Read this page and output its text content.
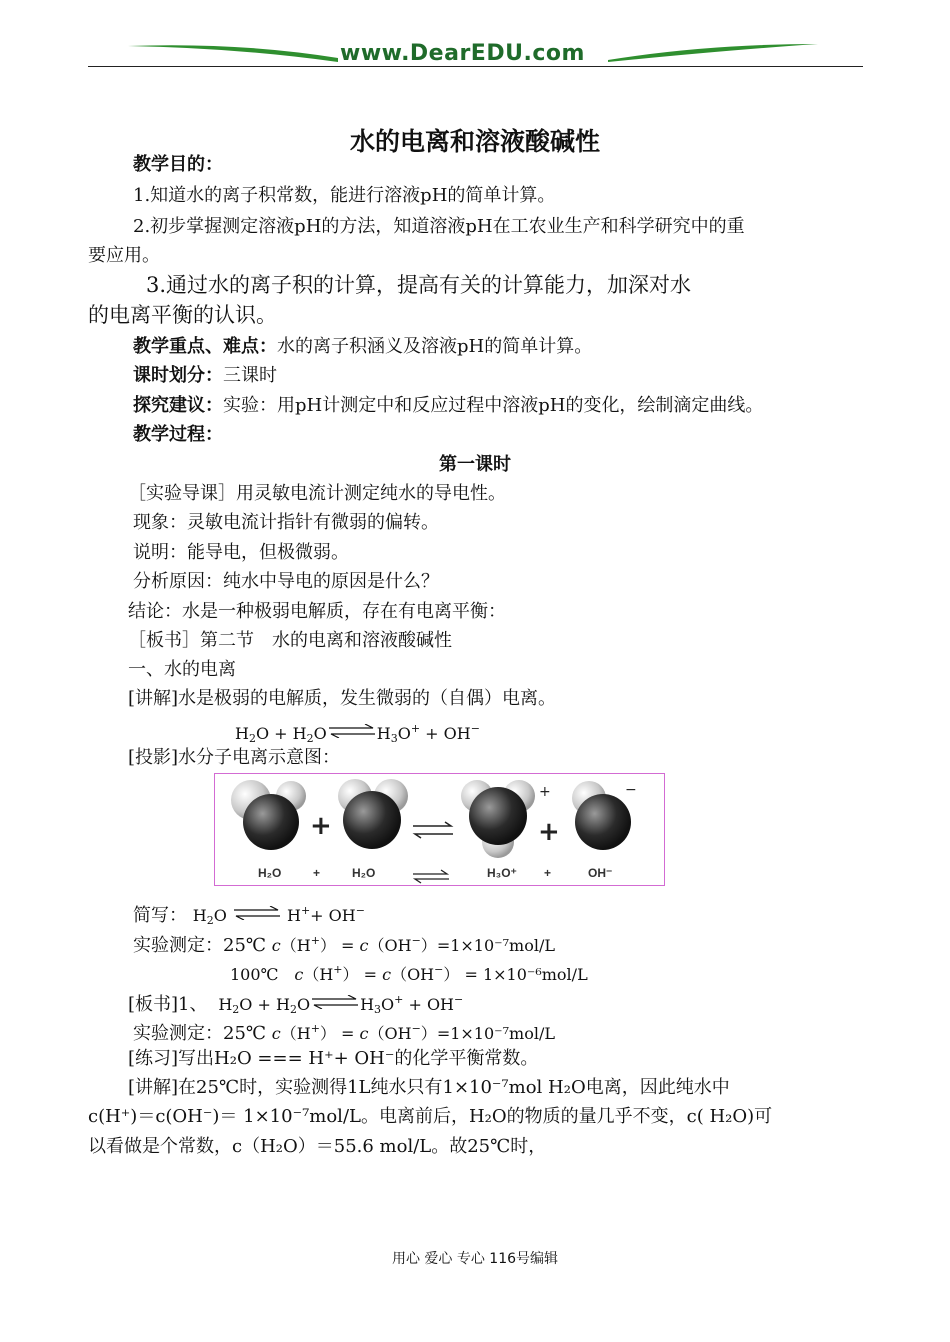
www.DearEDU.com
水的电离和溶液酸碱性
教学目的：
1.知道水的离子积常数，能进行溶液pH的简单计算。
2.初步掌握测定溶液pH的方法，知道溶液pH在工农业生产和科学研究中的重
要应用。
3.通过水的离子积的计算，提高有关的计算能力，加深对水
的电离平衡的认识。
教学重点、难点：水的离子积涵义及溶液pH的简单计算。
课时划分：三课时
探究建议：实验：用pH计测定中和反应过程中溶液pH的变化，绘制滴定曲线。
教学过程：
第一课时
［实验导课］用灵敏电流计测定纯水的导电性。
现象：灵敏电流计指针有微弱的偏转。
说明：能导电，但极微弱。
分析原因：纯水中导电的原因是什么？
结论：水是一种极弱电解质，存在有电离平衡：
［板书］第二节　水的电离和溶液酸碱性
一、水的电离
[讲解]水是极弱的电解质，发生微弱的（自偶）电离。
$H_2O + H_2O$ ⇌ $H_3O^+ + OH^-$
[投影]水分子电离示意图：
+
+
+
−
H₂O	+	H₂O	H₃O⁺ +	OH⁻
简写： $H_2O$ ⇌ H++ OH−
实验测定：25℃ c（H+） = c（OH−）=1×10⁻⁷mol/L
100℃ c（H+） = c（OH−） = 1×10⁻⁶mol/L
[板书]1、  $H_2O + H_2O$ ⇌ $H_3O^+ + OH^-$
实验测定：25℃ c（H+） = c（OH−）=1×10⁻⁷mol/L
[练习]写出H₂O === H⁺+ OH⁻的化学平衡常数。
[讲解]在25℃时，实验测得1L纯水只有1×10⁻⁷mol H₂O电离，因此纯水中
c(H⁺)＝c(OH⁻)＝ 1×10⁻⁷mol/L。电离前后，H₂O的物质的量几乎不变，c( H₂O)可
以看做是个常数，c（H₂O）＝55.6 mol/L。故25℃时，
用心 爱心 专心 116号编辑
